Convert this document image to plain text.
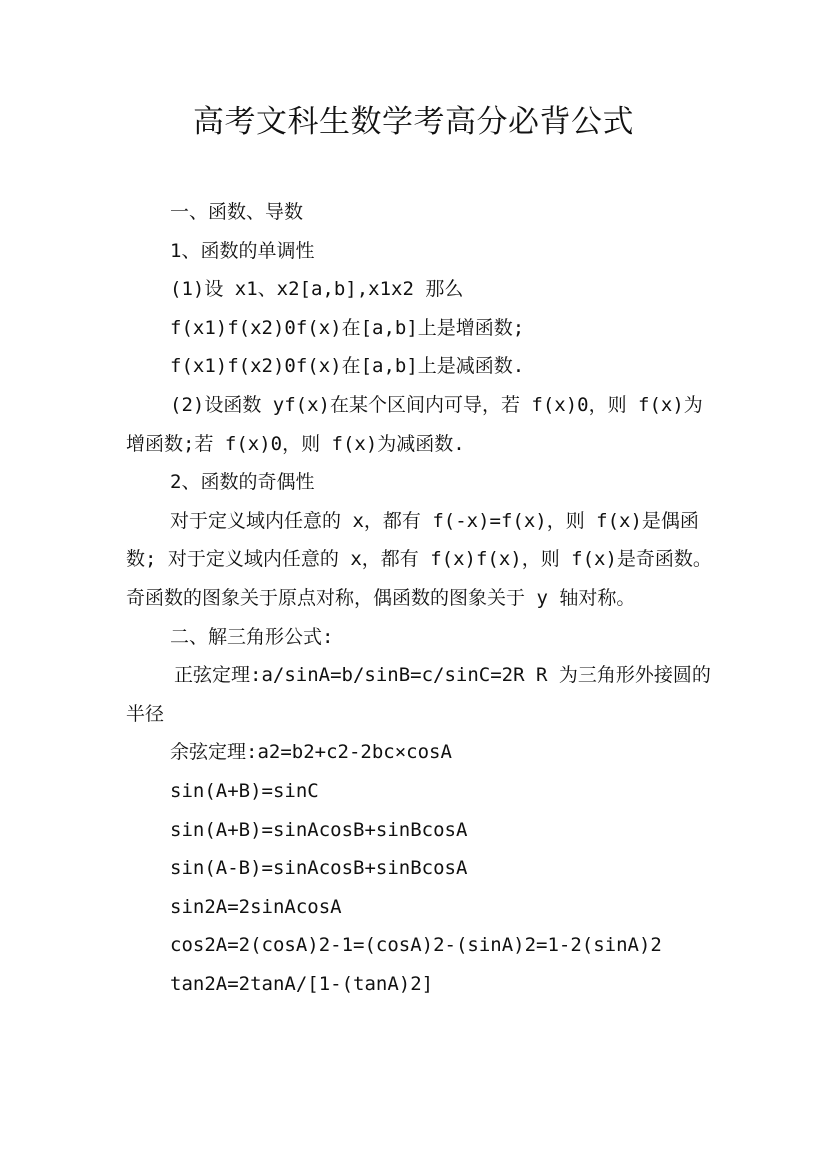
高考文科生数学考高分必背公式

一、函数、导数

1、函数的单调性

(1)设 x1、x2[a,b],x1x2 那么

f(x1)f(x2)0f(x)在[a,b]上是增函数;

f(x1)f(x2)0f(x)在[a,b]上是减函数.

(2)设函数 yf(x)在某个区间内可导，若 f(x)0，则 f(x)为增函数;若 f(x)0，则 f(x)为减函数.

2、函数的奇偶性

对于定义域内任意的 x，都有 f(-x)=f(x)，则 f(x)是偶函数; 对于定义域内任意的 x，都有 f(x)f(x)，则 f(x)是奇函数。 奇函数的图象关于原点对称，偶函数的图象关于 y 轴对称。

二、解三角形公式:

正弦定理:a/sinA=b/sinB=c/sinC=2R R 为三角形外接圆的半径

余弦定理:a2=b2+c2-2bc×cosA

sin(A+B)=sinC

sin(A+B)=sinAcosB+sinBcosA

sin(A-B)=sinAcosB+sinBcosA

sin2A=2sinAcosA

cos2A=2(cosA)2-1=(cosA)2-(sinA)2=1-2(sinA)2

tan2A=2tanA/[1-(tanA)2]
